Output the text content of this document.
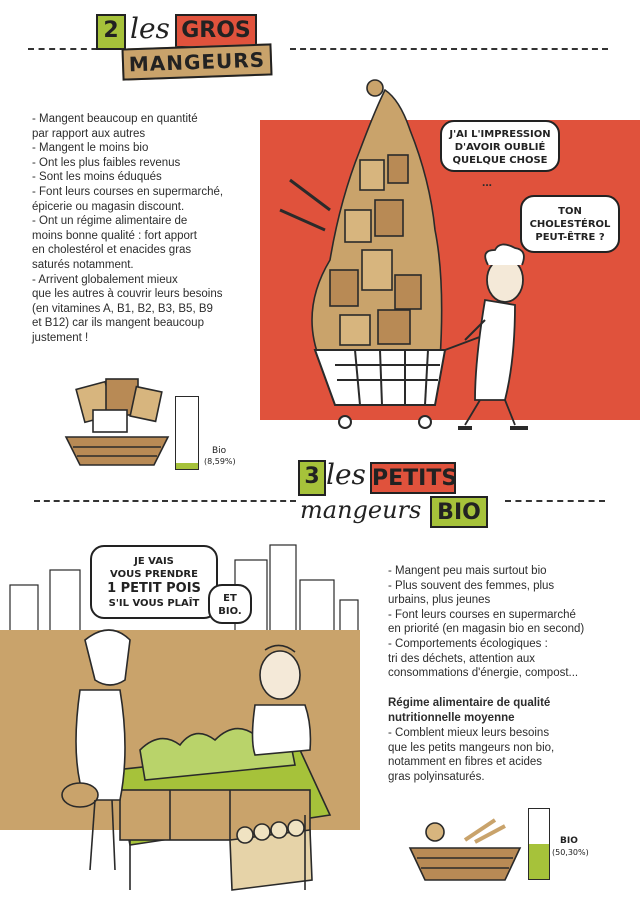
2 les GROS
MANGEURS
- Mangent beaucoup en quantité
par rapport aux autres
- Mangent le moins bio
- Ont les plus faibles revenus
- Sont les moins éduqués
- Font leurs courses en supermarché,
épicerie ou magasin discount.
- Ont un régime alimentaire de
moins bonne qualité : fort apport
en cholestérol et enacides gras
saturés notamment.
- Arrivent globalement mieux
que les autres à couvrir leurs besoins
(en vitamines A, B1, B2, B3, B5, B9
et B12) car ils mangent beaucoup
justement !
J'AI L'IMPRESSION
D'AVOIR OUBLIÉ
QUELQUE CHOSE
...
TON
CHOLESTÉROL
PEUT-ÊTRE ?
Bio
(8,59%)
3 les PETITS
mangeurs BIO
JE VAIS
VOUS PRENDRE
1 PETIT POIS
S'IL VOUS PLAÎT	ET
BIO.
- Mangent peu mais surtout bio
- Plus souvent des femmes, plus
urbains, plus jeunes
- Font leurs courses en supermarché
en priorité (en magasin bio en second)
- Comportements écologiques :
tri des déchets, attention aux
consommations d'énergie, compost...
Régime alimentaire de qualité
nutritionnelle moyenne
- Comblent mieux leurs besoins
que les petits mangeurs non bio,
notamment en fibres et acides
gras polyinsaturés.
BIO
(50,30%)
